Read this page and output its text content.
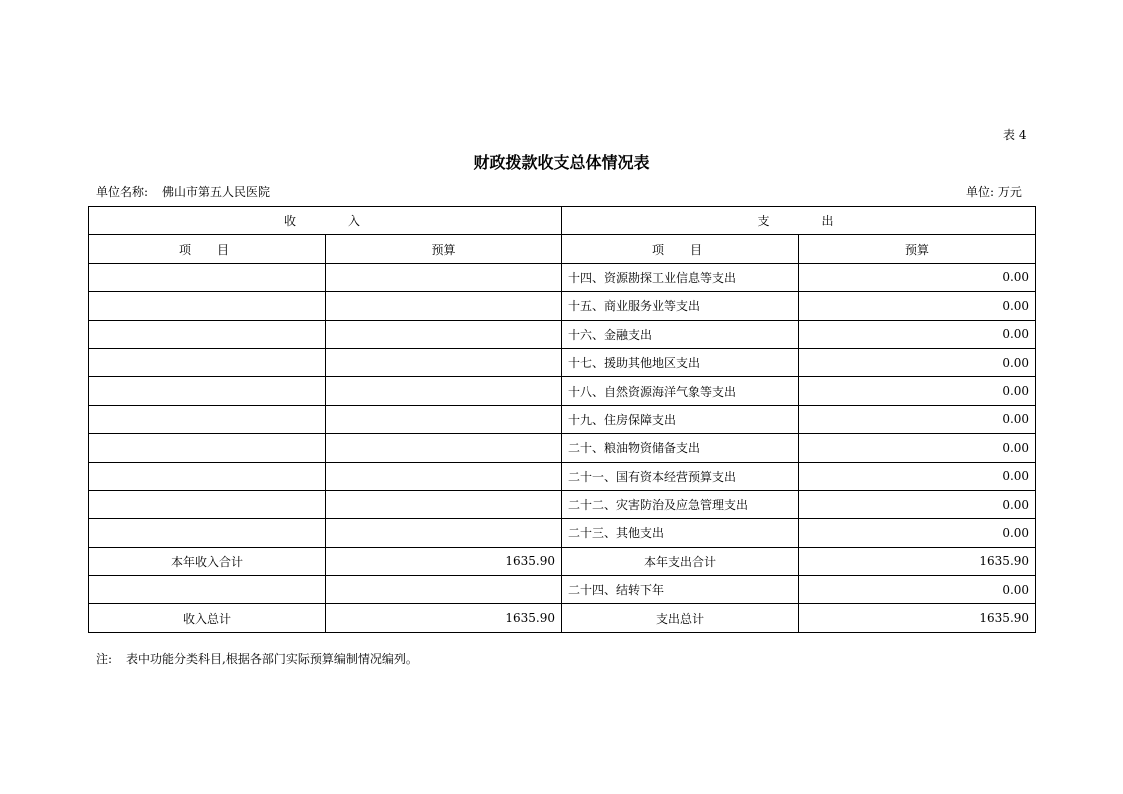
表 4
财政拨款收支总体情况表
单位名称: 佛山市第五人民医院	单位: 万元
收入		支出	
项目	预算	项目	预算
		十四、资源勘探工业信息等支出	0.00
		十五、商业服务业等支出	0.00
		十六、金融支出	0.00
		十七、援助其他地区支出	0.00
		十八、自然资源海洋气象等支出	0.00
		十九、住房保障支出	0.00
		二十、粮油物资储备支出	0.00
		二十一、国有资本经营预算支出	0.00
		二十二、灾害防治及应急管理支出	0.00
		二十三、其他支出	0.00
本年收入合计	1635.90	本年支出合计	1635.90
		二十四、结转下年	0.00
收入总计	1635.90	支出总计	1635.90
注: 表中功能分类科目,根据各部门实际预算编制情况编列。
